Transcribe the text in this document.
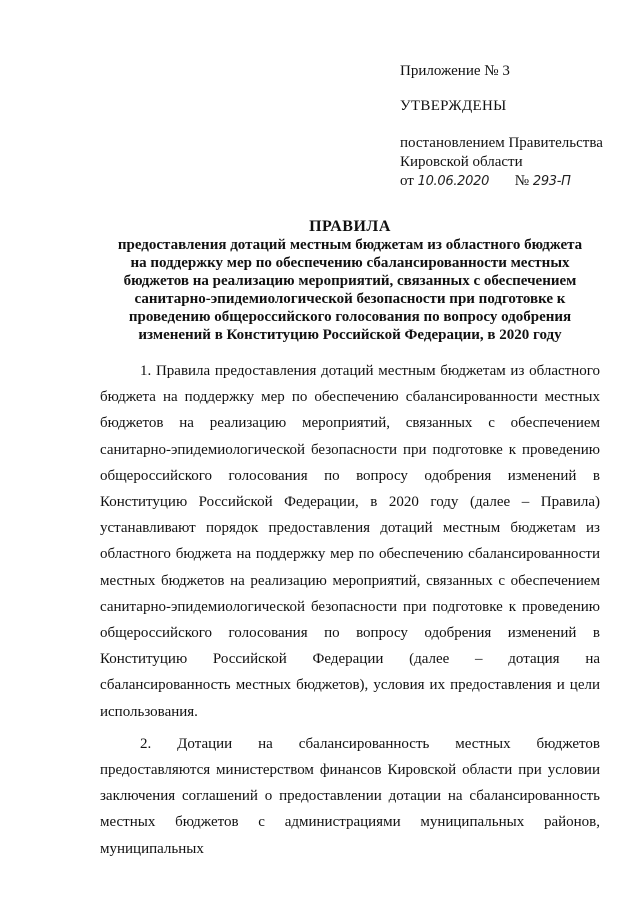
Приложение № 3

УТВЕРЖДЕНЫ

постановлением Правительства

Кировской области

от 10.06.2020 № 293-П

ПРАВИЛА

предоставления дотаций местным бюджетам из областного бюджета

на поддержку мер по обеспечению сбалансированности местных

бюджетов на реализацию мероприятий, связанных с обеспечением

санитарно-эпидемиологической безопасности при подготовке к

проведению общероссийского голосования по вопросу одобрения

изменений в Конституцию Российской Федерации, в 2020 году

1. Правила предоставления дотаций местным бюджетам из областного бюджета на поддержку мер по обеспечению сбалансированности местных бюджетов на реализацию мероприятий, связанных с обеспечением санитарно-эпидемиологической безопасности при подготовке к проведению общероссийского голосования по вопросу одобрения изменений в Конституцию Российской Федерации, в 2020 году (далее – Правила) устанавливают порядок предоставления дотаций местным бюджетам из областного бюджета на поддержку мер по обеспечению сбалансированности местных бюджетов на реализацию мероприятий, связанных с обеспечением санитарно-эпидемиологической безопасности при подготовке к проведению общероссийского голосования по вопросу одобрения изменений в Конституцию Российской Федерации (далее – дотация на сбалансированность местных бюджетов), условия их предоставления и цели использования.

2. Дотации на сбалансированность местных бюджетов предоставляются министерством финансов Кировской области при условии заключения соглашений о предоставлении дотации на сбалансированность местных бюджетов с администрациями муниципальных районов, муниципальных
